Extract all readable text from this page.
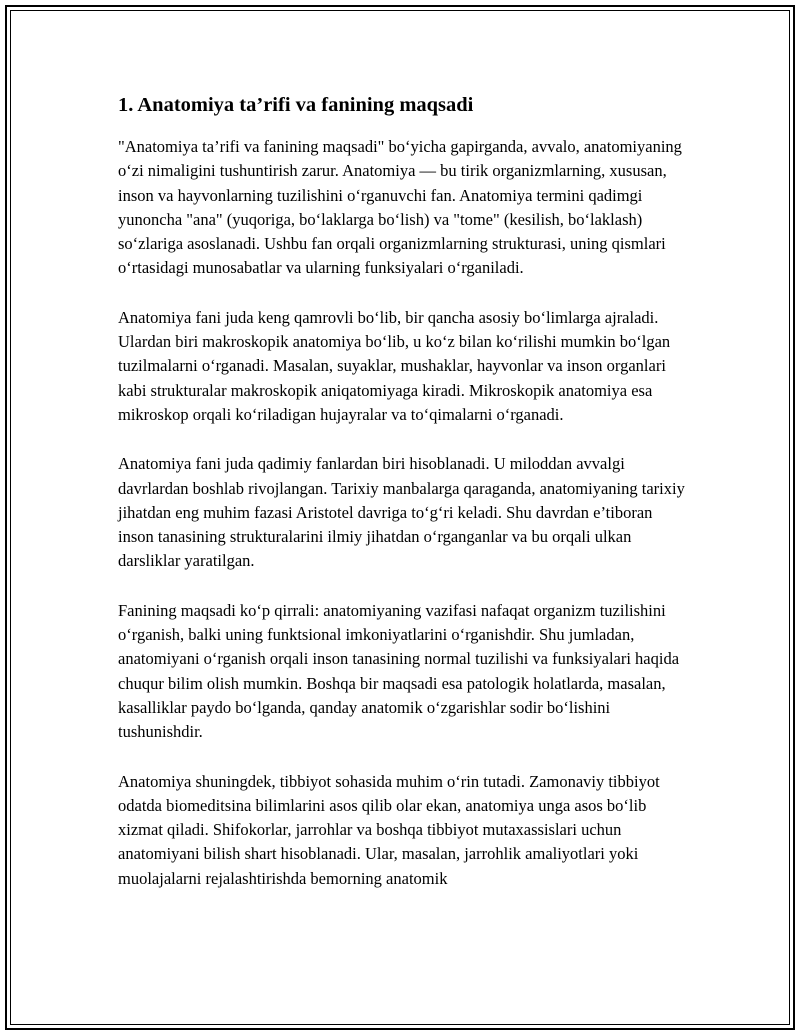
1. Anatomiya ta’rifi va fanining maqsadi

"Anatomiya ta’rifi va fanining maqsadi" bo‘yicha gapirganda, avvalo, anatomiyaning o‘zi nimaligini tushuntirish zarur. Anatomiya — bu tirik organizmlarning, xususan, inson va hayvonlarning tuzilishini o‘rganuvchi fan. Anatomiya termini qadimgi yunoncha "ana" (yuqoriga, bo‘laklarga bo‘lish) va "tome" (kesilish, bo‘laklash) so‘zlariga asoslanadi. Ushbu fan orqali organizmlarning strukturasi, uning qismlari o‘rtasidagi munosabatlar va ularning funksiyalari o‘rganiladi.

Anatomiya fani juda keng qamrovli bo‘lib, bir qancha asosiy bo‘limlarga ajraladi. Ulardan biri makroskopik anatomiya bo‘lib, u ko‘z bilan ko‘rilishi mumkin bo‘lgan tuzilmalarni o‘rganadi. Masalan, suyaklar, mushaklar, hayvonlar va inson organlari kabi strukturalar makroskopik aniqatomiyaga kiradi. Mikroskopik anatomiya esa mikroskop orqali ko‘riladigan hujayralar va to‘qimalarni o‘rganadi.

Anatomiya fani juda qadimiy fanlardan biri hisoblanadi. U miloddan avvalgi davrlardan boshlab rivojlangan. Tarixiy manbalarga qaraganda, anatomiyaning tarixiy jihatdan eng muhim fazasi Aristotel davriga to‘g‘ri keladi. Shu davrdan e’tiboran inson tanasining strukturalarini ilmiy jihatdan o‘rganganlar va bu orqali ulkan darsliklar yaratilgan.

Fanining maqsadi ko‘p qirrali: anatomiyaning vazifasi nafaqat organizm tuzilishini o‘rganish, balki uning funktsional imkoniyatlarini o‘rganishdir. Shu jumladan, anatomiyani o‘rganish orqali inson tanasining normal tuzilishi va funksiyalari haqida chuqur bilim olish mumkin. Boshqa bir maqsadi esa patologik holatlarda, masalan, kasalliklar paydo bo‘lganda, qanday anatomik o‘zgarishlar sodir bo‘lishini tushunishdir.

Anatomiya shuningdek, tibbiyot sohasida muhim o‘rin tutadi. Zamonaviy tibbiyot odatda biomeditsina bilimlarini asos qilib olar ekan, anatomiya unga asos bo‘lib xizmat qiladi. Shifokorlar, jarrohlar va boshqa tibbiyot mutaxassislari uchun anatomiyani bilish shart hisoblanadi. Ular, masalan, jarrohlik amaliyotlari yoki muolajalarni rejalashtirishda bemorning anatomik
